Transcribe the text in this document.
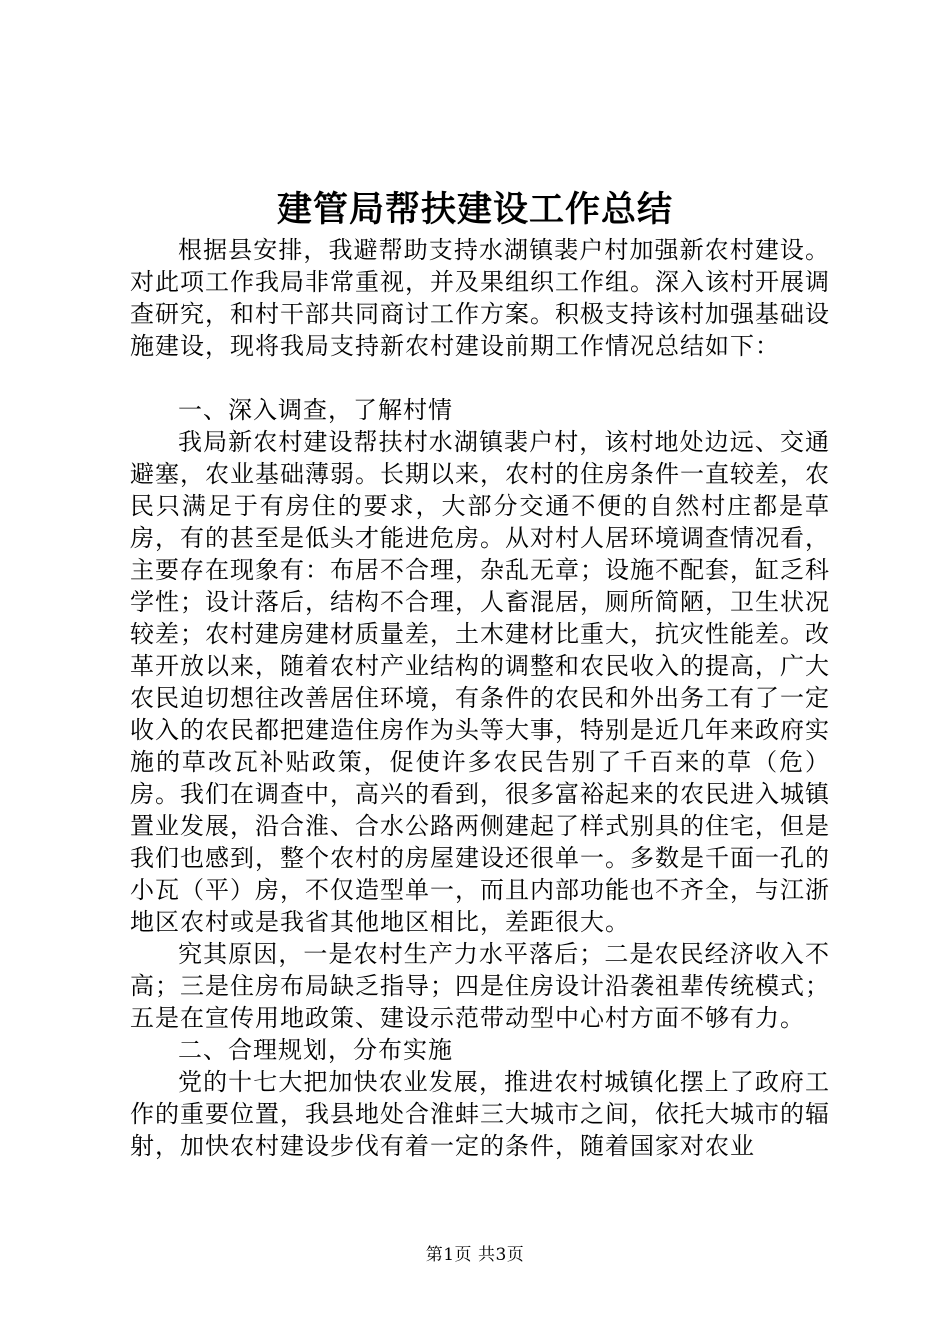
建管局帮扶建设工作总结

根据县安排，我避帮助支持水湖镇裴户村加强新农村建设。对此项工作我局非常重视，并及果组织工作组。深入该村开展调查研究，和村干部共同商讨工作方案。积极支持该村加强基础设施建设，现将我局支持新农村建设前期工作情况总结如下：

一、深入调查，了解村情

我局新农村建设帮扶村水湖镇裴户村，该村地处边远、交通避塞，农业基础薄弱。长期以来，农村的住房条件一直较差，农民只满足于有房住的要求，大部分交通不便的自然村庄都是草房，有的甚至是低头才能进危房。从对村人居环境调查情况看，主要存在现象有：布居不合理，杂乱无章；设施不配套，缸乏科学性；设计落后，结构不合理，人畜混居，厕所简陋，卫生状况较差；农村建房建材质量差，土木建材比重大，抗灾性能差。改革开放以来，随着农村产业结构的调整和农民收入的提高，广大农民迫切想往改善居住环境，有条件的农民和外出务工有了一定收入的农民都把建造住房作为头等大事，特别是近几年来政府实施的草改瓦补贴政策，促使许多农民告别了千百来的草（危）房。我们在调查中，高兴的看到，很多富裕起来的农民进入城镇置业发展，沿合淮、合水公路两侧建起了样式别具的住宅，但是我们也感到，整个农村的房屋建设还很单一。多数是千面一孔的小瓦（平）房，不仅造型单一，而且内部功能也不齐全，与江浙地区农村或是我省其他地区相比，差距很大。

究其原因，一是农村生产力水平落后；二是农民经济收入不高；三是住房布局缺乏指导；四是住房设计沿袭祖辈传统模式；五是在宣传用地政策、建设示范带动型中心村方面不够有力。

二、合理规划，分布实施

党的十七大把加快农业发展，推进农村城镇化摆上了政府工作的重要位置，我县地处合淮蚌三大城市之间，依托大城市的辐射，加快农村建设步伐有着一定的条件，随着国家对农业

第1页 共3页
